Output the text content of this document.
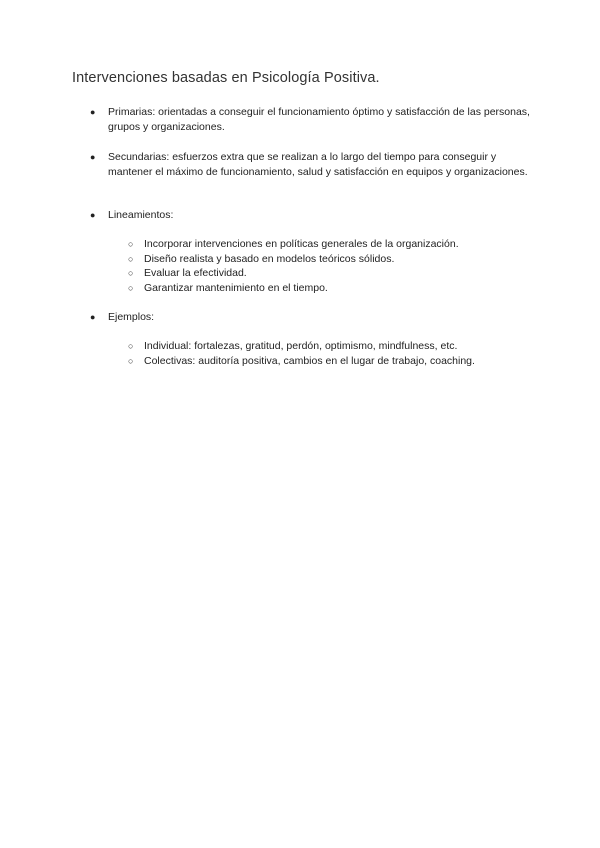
Intervenciones basadas en Psicología Positiva.
● Primarias: orientadas a conseguir el funcionamiento óptimo y satisfacción de las personas, grupos y organizaciones.
● Secundarias: esfuerzos extra que se realizan a lo largo del tiempo para conseguir y mantener el máximo de funcionamiento, salud y satisfacción en equipos y organizaciones.
● Lineamientos:
○ Incorporar intervenciones en políticas generales de la organización.
○ Diseño realista y basado en modelos teóricos sólidos.
○ Evaluar la efectividad.
○ Garantizar mantenimiento en el tiempo.
● Ejemplos:
○ Individual: fortalezas, gratitud, perdón, optimismo, mindfulness, etc.
○ Colectivas: auditoría positiva, cambios en el lugar de trabajo, coaching.
